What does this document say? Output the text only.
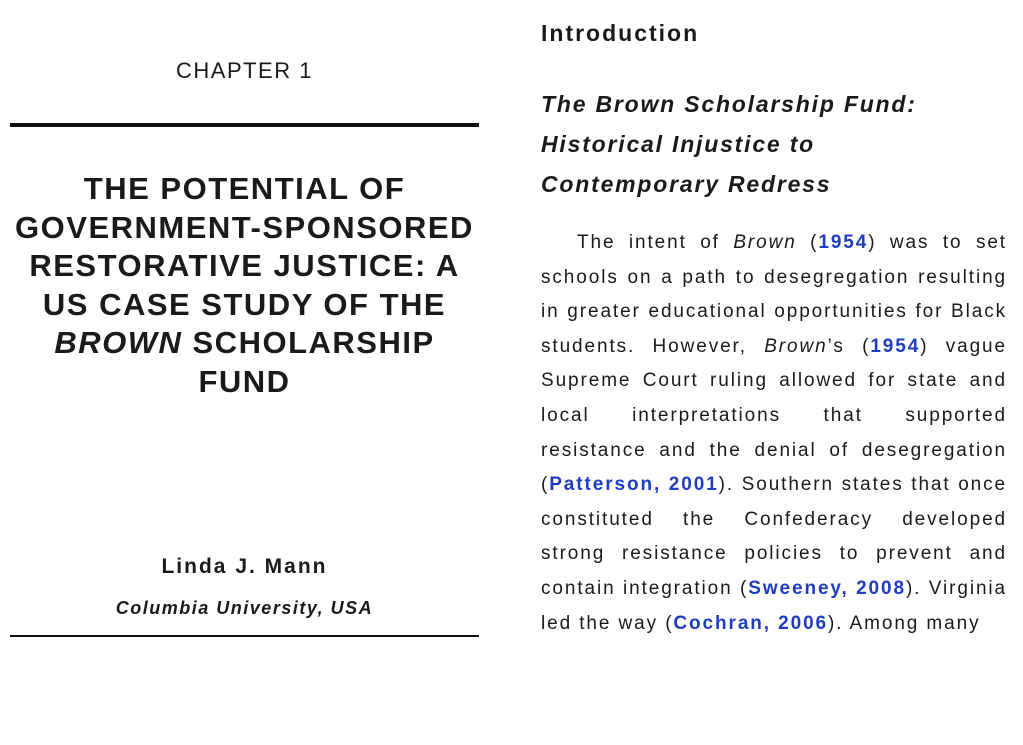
CHAPTER 1
THE POTENTIAL OF GOVERNMENT-SPONSORED RESTORATIVE JUSTICE: A US CASE STUDY OF THE BROWN SCHOLARSHIP FUND
Linda J. Mann
Columbia University, USA
Introduction
The Brown Scholarship Fund:
Historical Injustice to
Contemporary Redress

The intent of Brown (1954) was to set schools on a path to desegregation resulting in greater educational opportunities for Black students. However, Brown’s (1954) vague Supreme Court ruling allowed for state and local interpretations that supported resistance and the denial of desegregation (Patterson, 2001). Southern states that once constituted the Confederacy developed strong resistance policies to prevent and contain integration (Sweeney, 2008). Virginia led the way (Cochran, 2006). Among many
